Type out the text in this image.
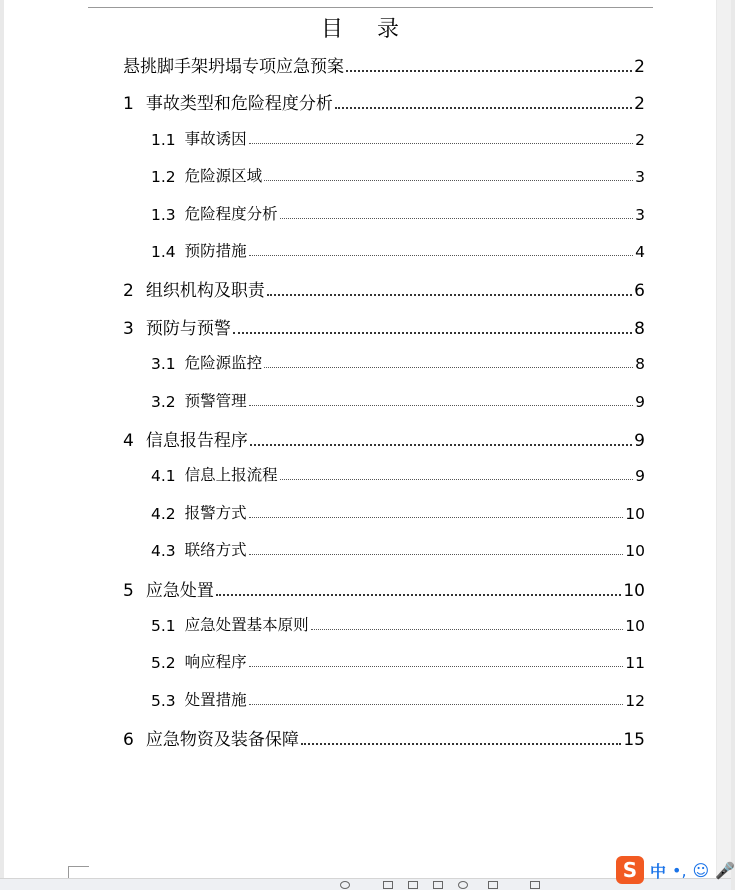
目 录
悬挑脚手架坍塌专项应急预案	2
1 事故类型和危险程度分析	2
1.1 事故诱因	2
1.2 危险源区域	3
1.3 危险程度分析	3
1.4 预防措施	4
2 组织机构及职责	6
3 预防与预警	8
3.1 危险源监控	8
3.2 预警管理	9
4 信息报告程序	9
4.1 信息上报流程	9
4.2 报警方式	10
4.3 联络方式	10
5 应急处置	10
5.1 应急处置基本原则	10
5.2 响应程序	11
5.3 处置措施	12
6 应急物资及装备保障	15
S 中 •, ☺ 🎤
